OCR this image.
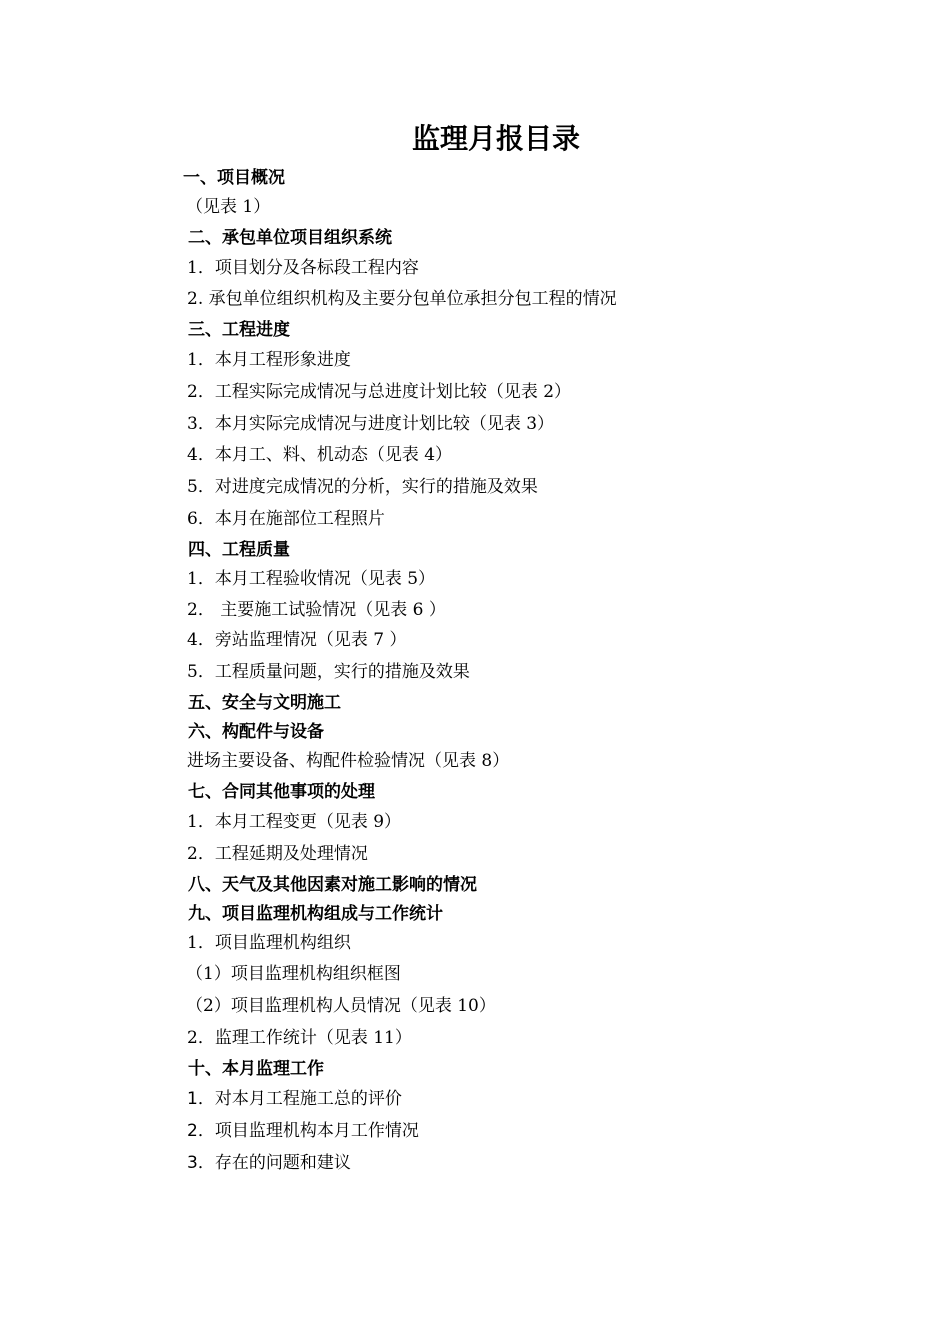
监理月报目录
一、项目概况
（见表 1）
二、承包单位项目组织系统
1．项目划分及各标段工程内容
2. 承包单位组织机构及主要分包单位承担分包工程的情况
三、工程进度
1．本月工程形象进度
2．工程实际完成情况与总进度计划比较（见表 2）
3．本月实际完成情况与进度计划比较（见表 3）
4．本月工、料、机动态（见表 4）
5．对进度完成情况的分析，实行的措施及效果
6．本月在施部位工程照片
四、工程质量
1．本月工程验收情况（见表 5）
2． 主要施工试验情况（见表 6 ）
4．旁站监理情况（见表 7 ）
5．工程质量问题，实行的措施及效果
五、安全与文明施工
六、构配件与设备
进场主要设备、构配件检验情况（见表 8）
七、合同其他事项的处理
1．本月工程变更（见表 9）
2．工程延期及处理情况
八、天气及其他因素对施工影响的情况
九、项目监理机构组成与工作统计
1．项目监理机构组织
（1）项目监理机构组织框图
（2）项目监理机构人员情况（见表 10）
2．监理工作统计（见表 11）
十、本月监理工作
1．对本月工程施工总的评价
2．项目监理机构本月工作情况
3．存在的问题和建议
